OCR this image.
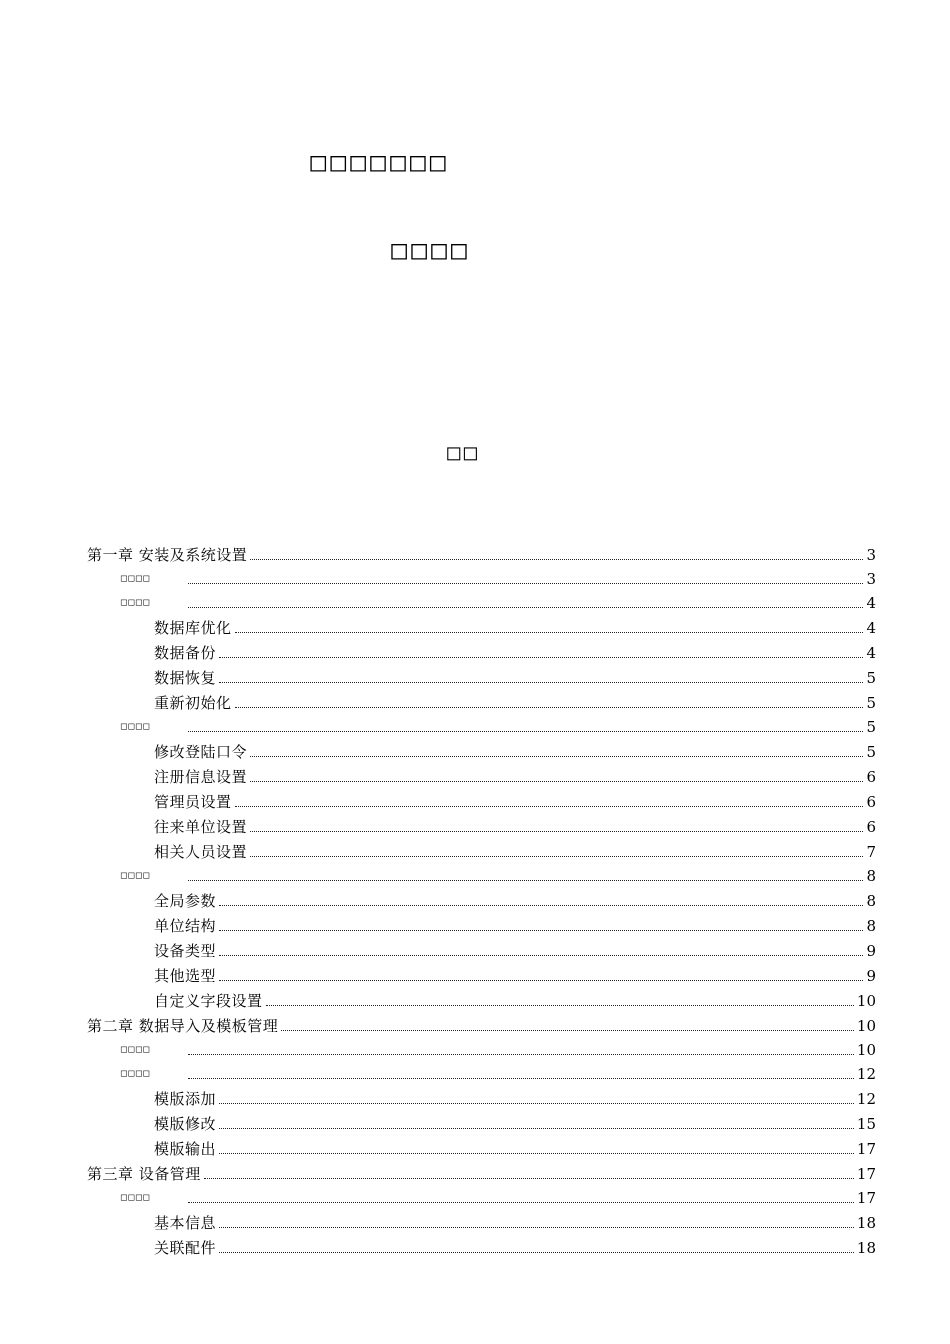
◻◻◻◻◻◻◻
◻◻◻◻
◻◻
第一章 安装及系统设置	3
◻◻◻◻	3
◻◻◻◻	4
数据库优化	4
数据备份	4
数据恢复	5
重新初始化	5
◻◻◻◻	5
修改登陆口令	5
注册信息设置	6
管理员设置	6
往来单位设置	6
相关人员设置	7
◻◻◻◻	8
全局参数	8
单位结构	8
设备类型	9
其他选型	9
自定义字段设置	10
第二章 数据导入及模板管理	10
◻◻◻◻	10
◻◻◻◻	12
模版添加	12
模版修改	15
模版输出	17
第三章 设备管理	17
◻◻◻◻	17
基本信息	18
关联配件	18
